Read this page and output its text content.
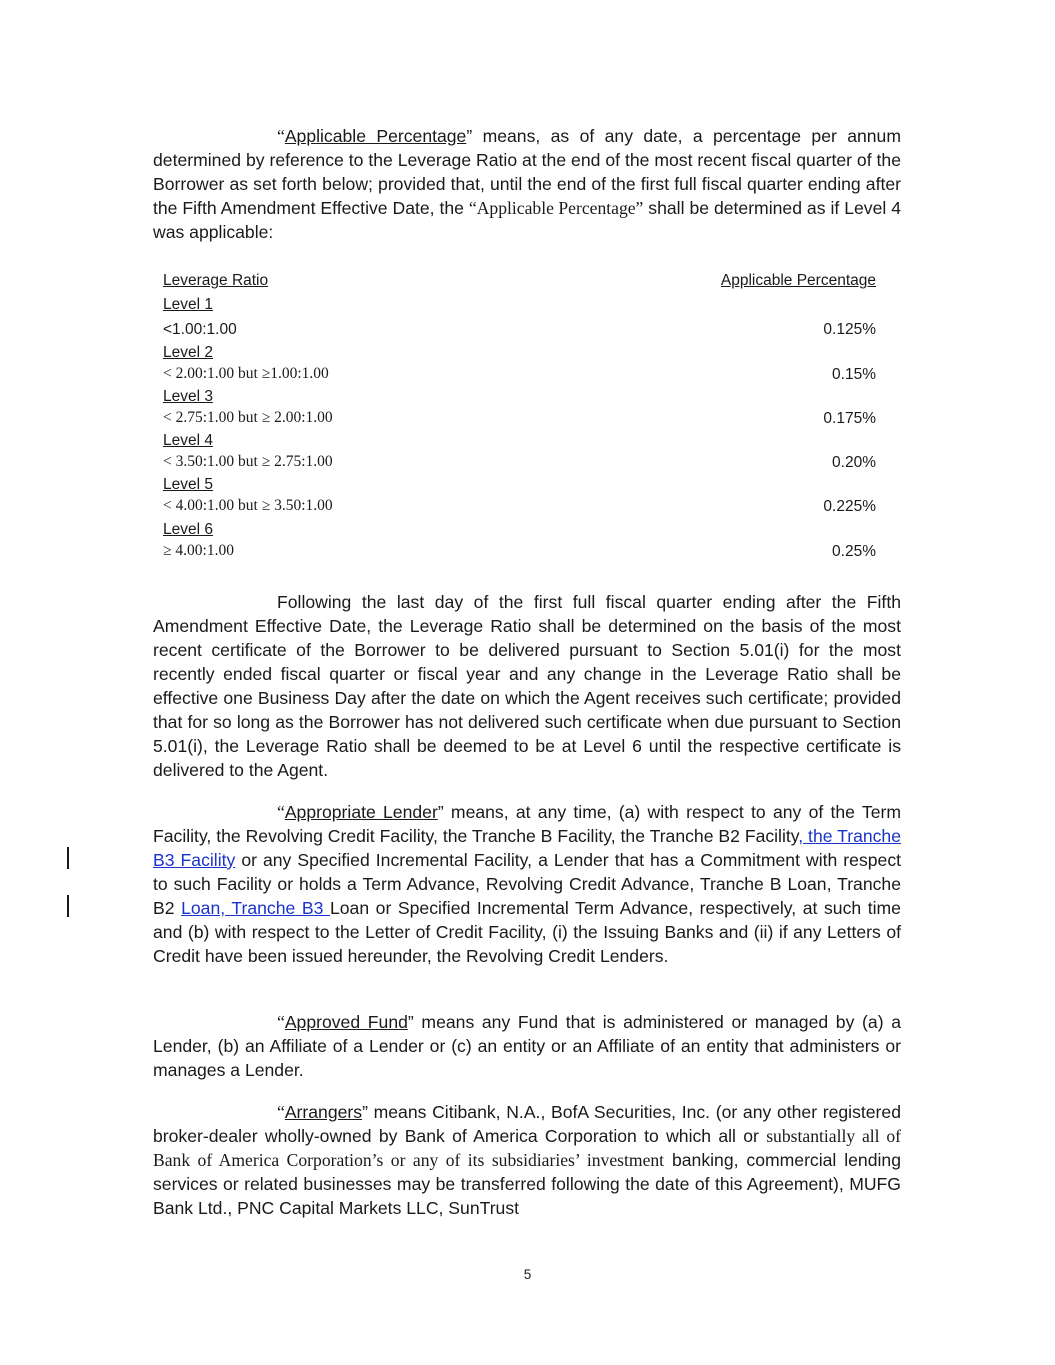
“Applicable Percentage” means, as of any date, a percentage per annum determined by reference to the Leverage Ratio at the end of the most recent fiscal quarter of the Borrower as set forth below; provided that, until the end of the first full fiscal quarter ending after the Fifth Amendment Effective Date, the “Applicable Percentage” shall be determined as if Level 4 was applicable:

Leverage Ratio	Applicable Percentage
Level 1	
<1.00:1.00	0.125%

Level 2
< 2.00:1.00 but ≥1.00:1.00	0.15%

Level 3
< 2.75:1.00 but ≥ 2.00:1.00	0.175%

Level 4
< 3.50:1.00 but ≥ 2.75:1.00	0.20%

Level 5
< 4.00:1.00 but ≥ 3.50:1.00	0.225%

Level 6
≥ 4.00:1.00	0.25%

Following the last day of the first full fiscal quarter ending after the Fifth Amendment Effective Date, the Leverage Ratio shall be determined on the basis of the most recent certificate of the Borrower to be delivered pursuant to Section 5.01(i) for the most recently ended fiscal quarter or fiscal year and any change in the Leverage Ratio shall be effective one Business Day after the date on which the Agent receives such certificate; provided that for so long as the Borrower has not delivered such certificate when due pursuant to Section 5.01(i), the Leverage Ratio shall be deemed to be at Level 6 until the respective certificate is delivered to the Agent.

“Appropriate Lender” means, at any time, (a) with respect to any of the Term Facility, the Revolving Credit Facility, the Tranche B Facility, the Tranche B2 Facility, the Tranche B3 Facility or any Specified Incremental Facility, a Lender that has a Commitment with respect to such Facility or holds a Term Advance, Revolving Credit Advance, Tranche B Loan, Tranche B2 Loan, Tranche B3 Loan or Specified Incremental Term Advance, respectively, at such time and (b) with respect to the Letter of Credit Facility, (i) the Issuing Banks and (ii) if any Letters of Credit have been issued hereunder, the Revolving Credit Lenders.

“Approved Fund” means any Fund that is administered or managed by (a) a Lender, (b) an Affiliate of a Lender or (c) an entity or an Affiliate of an entity that administers or manages a Lender.

“Arrangers” means Citibank, N.A., BofA Securities, Inc. (or any other registered broker-dealer wholly-owned by Bank of America Corporation to which all or substantially all of Bank of America Corporation’s or any of its subsidiaries’ investment banking, commercial lending services or related businesses may be transferred following the date of this Agreement), MUFG Bank Ltd., PNC Capital Markets LLC, SunTrust

5
